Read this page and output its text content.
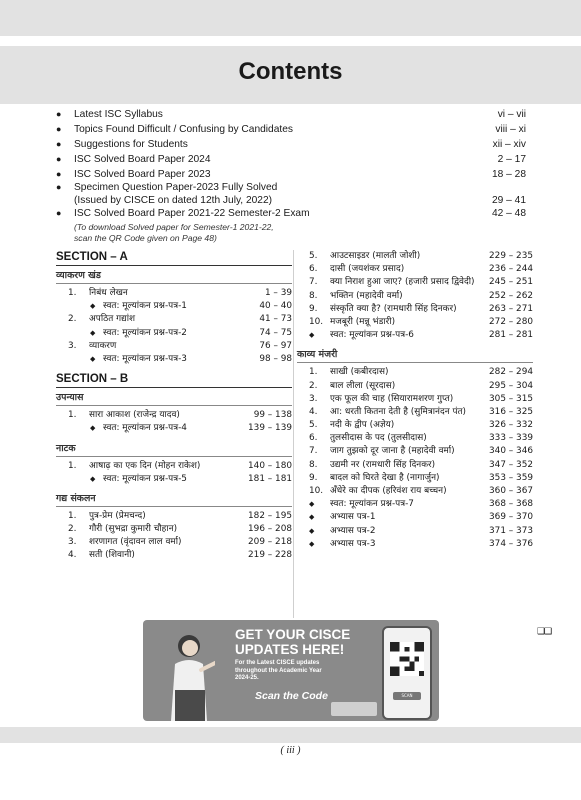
Contents
● Latest ISC Syllabus	vi – vii
● Topics Found Difficult / Confusing by Candidates	viii – xi
● Suggestions for Students	xii – xiv
● ISC Solved Board Paper 2024	2 – 17
● ISC Solved Board Paper 2023	18 – 28
● Specimen Question Paper-2023 Fully Solved
(Issued by CISCE on dated 12th July, 2022)	29 – 41
● ISC Solved Board Paper 2021-22 Semester-2 Exam	42 – 48
(To download Solved paper for Semester-1 2021-22,
scan the QR Code given on Page 48)
SECTION – A
व्याकरण खंड
1. निबंध लेखन	1 – 39
◆ स्वत: मूल्यांकन प्रश्न-पत्र-1	40 – 40
2. अपठित गद्यांश	41 – 73
◆ स्वत: मूल्यांकन प्रश्न-पत्र-2	74 – 75
3. व्याकरण	76 – 97
◆ स्वत: मूल्यांकन प्रश्न-पत्र-3	98 – 98
SECTION – B
उपन्यास
1. सारा आकाश (राजेन्द्र यादव)	99 – 138
◆ स्वत: मूल्यांकन प्रश्न-पत्र-4	139 – 139
नाटक
1. आषाढ़ का एक दिन (मोहन राकेश)	140 – 180
◆ स्वत: मूल्यांकन प्रश्न-पत्र-5	181 – 181
गद्य संकलन
1. पुत्र-प्रेम (प्रेमचन्द)	182 – 195
2. गौरी (सुभद्रा कुमारी चौहान)	196 – 208
3. शरणागत (वृंदावन लाल वर्मा)	209 – 218
4. सती (शिवानी)	219 – 228
5. आउटसाइडर (मालती जोशी)	229 – 235
6. दासी (जयशंकर प्रसाद)	236 – 244
7. क्या निराश हुआ जाए? (हजारी प्रसाद द्विवेदी) 245 – 251
8. भक्तिन (महादेवी वर्मा)	252 – 262
9. संस्कृति क्या है? (रामधारी सिंह दिनकर)	263 – 271
10. मजबूरी (मन्नू भंडारी)	272 – 280
◆ स्वत: मूल्यांकन प्रश्न-पत्र-6	281 – 281
काव्य मंजरी
1. साखी (कबीरदास)	282 – 294
2. बाल लीला (सूरदास)	295 – 304
3. एक फूल की चाह (सियारामशरण गुप्त)	305 – 315
4. आ: धरती कितना देती है (सुमित्रानंदन पंत)	316 – 325
5. नदी के द्वीप (अज्ञेय)	326 – 332
6. तुलसीदास के पद (तुलसीदास)	333 – 339
7. जाग तुझको दूर जाना है (महादेवी वर्मा)	340 – 346
8. उद्यमी नर (रामधारी सिंह दिनकर)	347 – 352
9. बादल को घिरते देखा है (नागार्जुन)	353 – 359
10. अँधेरे का दीपक (हरिवंश राय बच्चन)	360 – 367
◆ स्वत: मूल्यांकन प्रश्न-पत्र-7	368 – 368
◆ अभ्यास पत्र-1	369 – 370
◆ अभ्यास पत्र-2	371 – 373
◆ अभ्यास पत्र-3	374 – 376
❑❑
GET YOUR CISCE
UPDATES HERE!
For the Latest CISCE updates
throughout the Academic Year
2024-25.
Scan the Code	SCAN
( iii )
